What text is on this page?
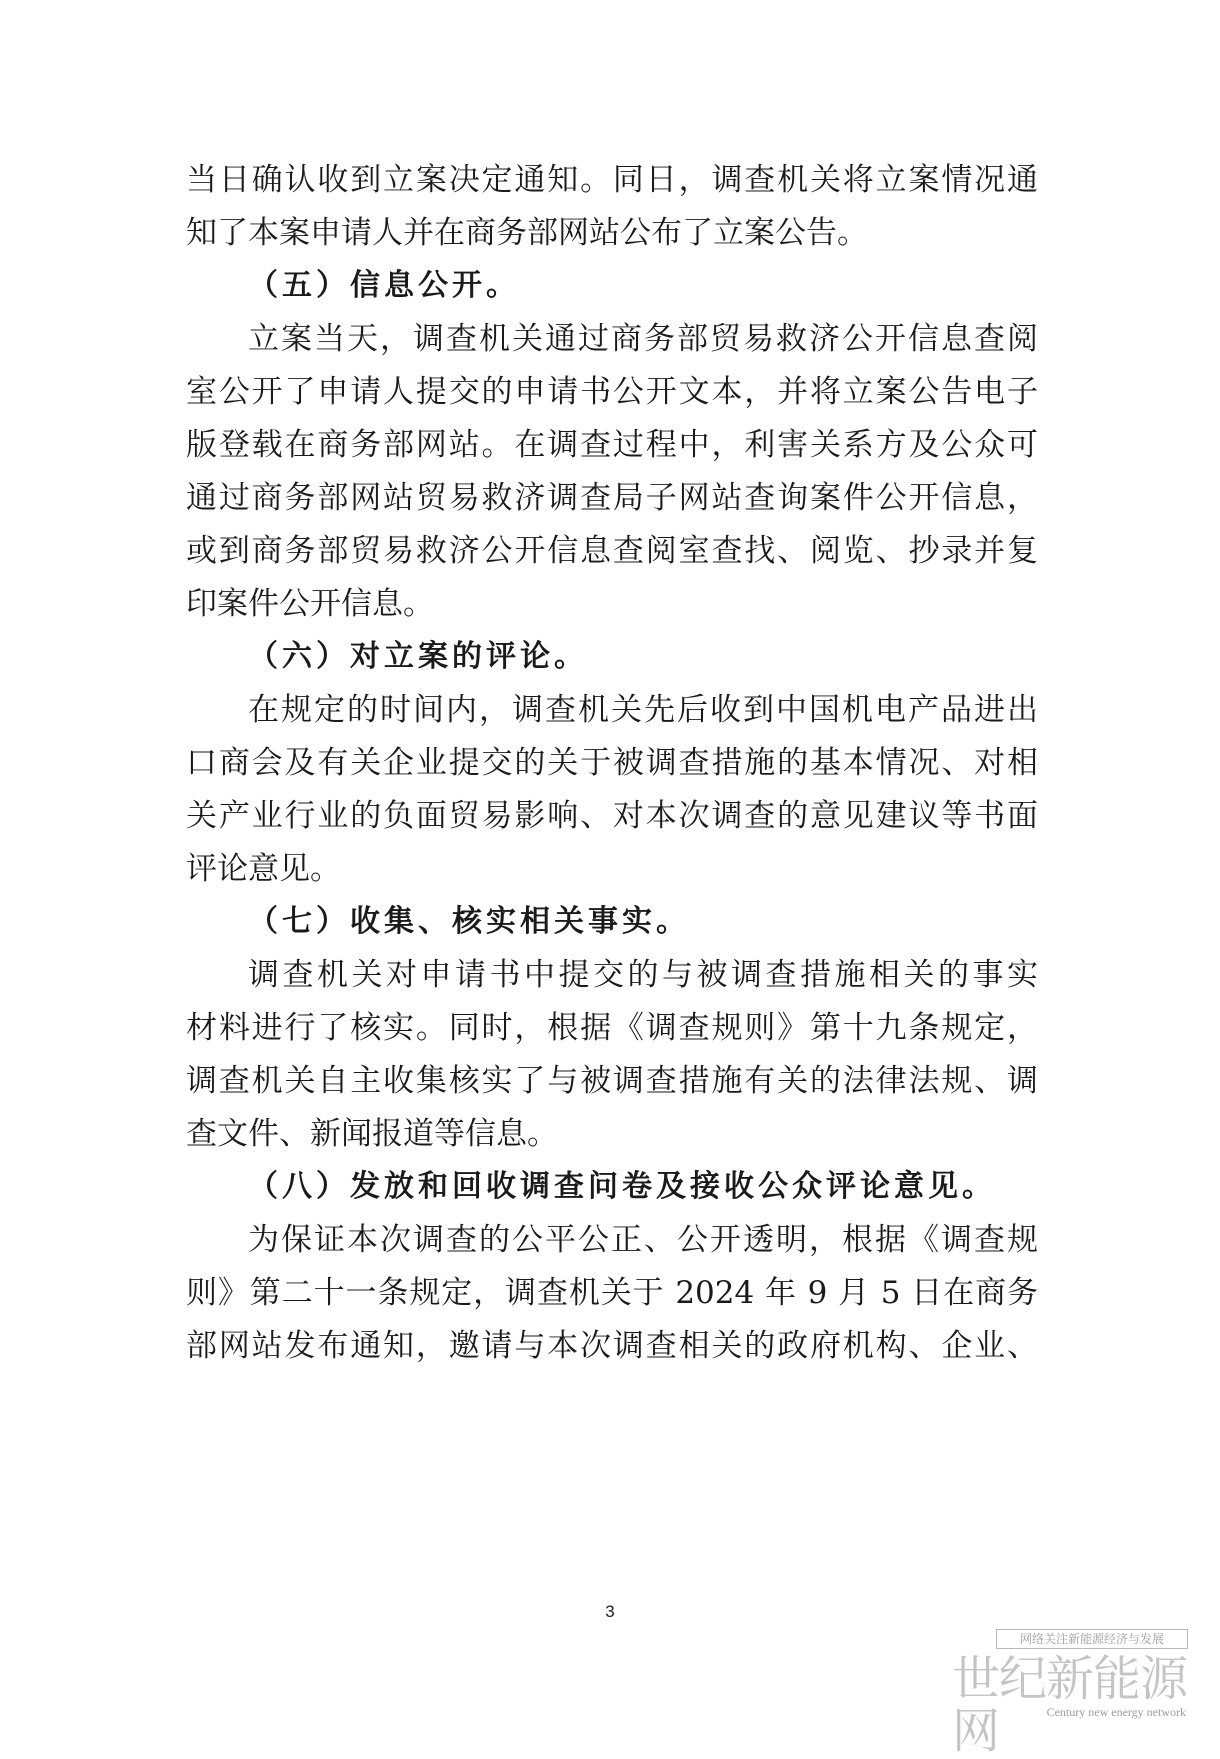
当日确认收到立案决定通知。同日，调查机关将立案情况通
知了本案申请人并在商务部网站公布了立案公告。
（五）信息公开。
立案当天，调查机关通过商务部贸易救济公开信息查阅
室公开了申请人提交的申请书公开文本，并将立案公告电子
版登载在商务部网站。在调查过程中，利害关系方及公众可
通过商务部网站贸易救济调查局子网站查询案件公开信息，
或到商务部贸易救济公开信息查阅室查找、阅览、抄录并复
印案件公开信息。
（六）对立案的评论。
在规定的时间内，调查机关先后收到中国机电产品进出
口商会及有关企业提交的关于被调查措施的基本情况、对相
关产业行业的负面贸易影响、对本次调查的意见建议等书面
评论意见。
（七）收集、核实相关事实。
调查机关对申请书中提交的与被调查措施相关的事实
材料进行了核实。同时，根据《调查规则》第十九条规定，
调查机关自主收集核实了与被调查措施有关的法律法规、调
查文件、新闻报道等信息。
（八）发放和回收调查问卷及接收公众评论意见。
为保证本次调查的公平公正、公开透明，根据《调查规
则》第二十一条规定，调查机关于 2024 年 9 月 5 日在商务
部网站发布通知，邀请与本次调查相关的政府机构、企业、
3
网络关注新能源经济与发展
世纪新能源网	Century new energy network
